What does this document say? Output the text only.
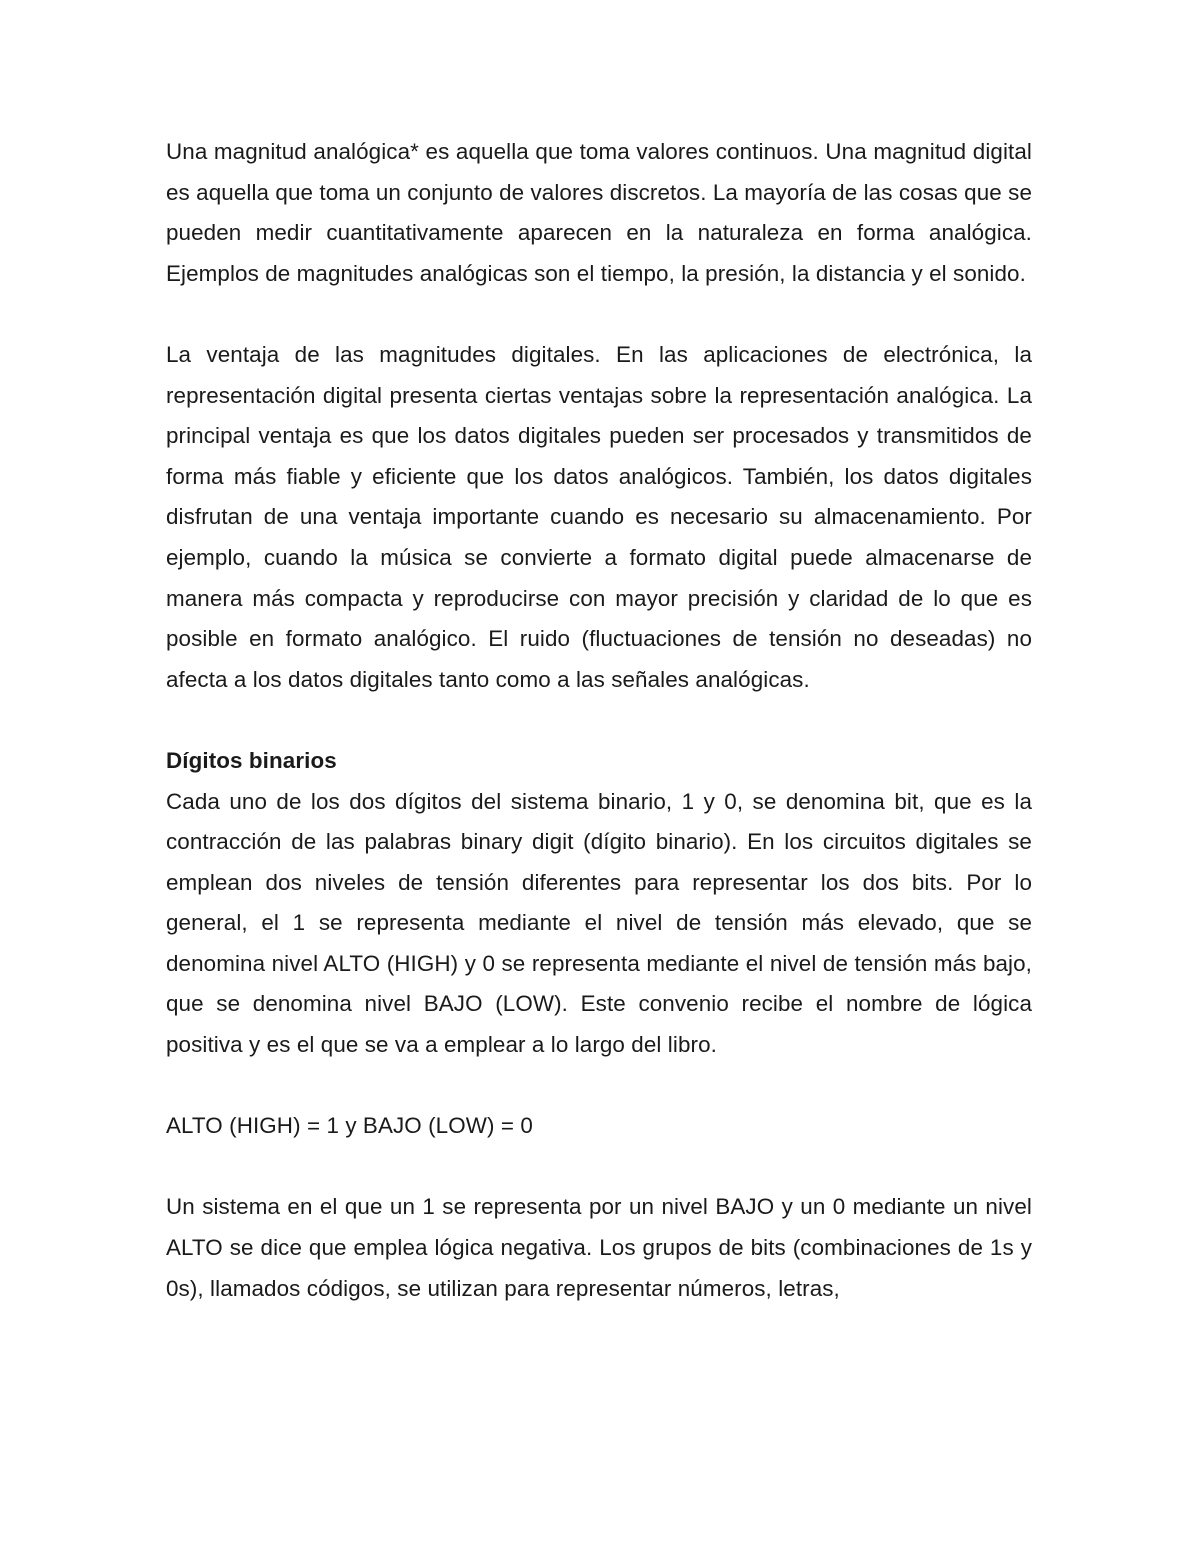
Una magnitud analógica* es aquella que toma valores continuos. Una magnitud digital es aquella que toma un conjunto de valores discretos. La mayoría de las cosas que se pueden medir cuantitativamente aparecen en la naturaleza en forma analógica. Ejemplos de magnitudes analógicas son el tiempo, la presión, la distancia y el sonido.

La ventaja de las magnitudes digitales. En las aplicaciones de electrónica, la representación digital presenta ciertas ventajas sobre la representación analógica. La principal ventaja es que los datos digitales pueden ser procesados y transmitidos de forma más fiable y eficiente que los datos analógicos. También, los datos digitales disfrutan de una ventaja importante cuando es necesario su almacenamiento. Por ejemplo, cuando la música se convierte a formato digital puede almacenarse de manera más compacta y reproducirse con mayor precisión y claridad de lo que es posible en formato analógico. El ruido (fluctuaciones de tensión no deseadas) no afecta a los datos digitales tanto como a las señales analógicas.

Dígitos binarios

Cada uno de los dos dígitos del sistema binario, 1 y 0, se denomina bit, que es la contracción de las palabras binary digit (dígito binario). En los circuitos digitales se emplean dos niveles de tensión diferentes para representar los dos bits. Por lo general, el 1 se representa mediante el nivel de tensión más elevado, que se denomina nivel ALTO (HIGH) y 0 se representa mediante el nivel de tensión más bajo, que se denomina nivel BAJO (LOW). Este convenio recibe el nombre de lógica positiva y es el que se va a emplear a lo largo del libro.

ALTO (HIGH) = 1 y BAJO (LOW) = 0

Un sistema en el que un 1 se representa por un nivel BAJO y un 0 mediante un nivel ALTO se dice que emplea lógica negativa. Los grupos de bits (combinaciones de 1s y 0s), llamados códigos, se utilizan para representar números, letras,
